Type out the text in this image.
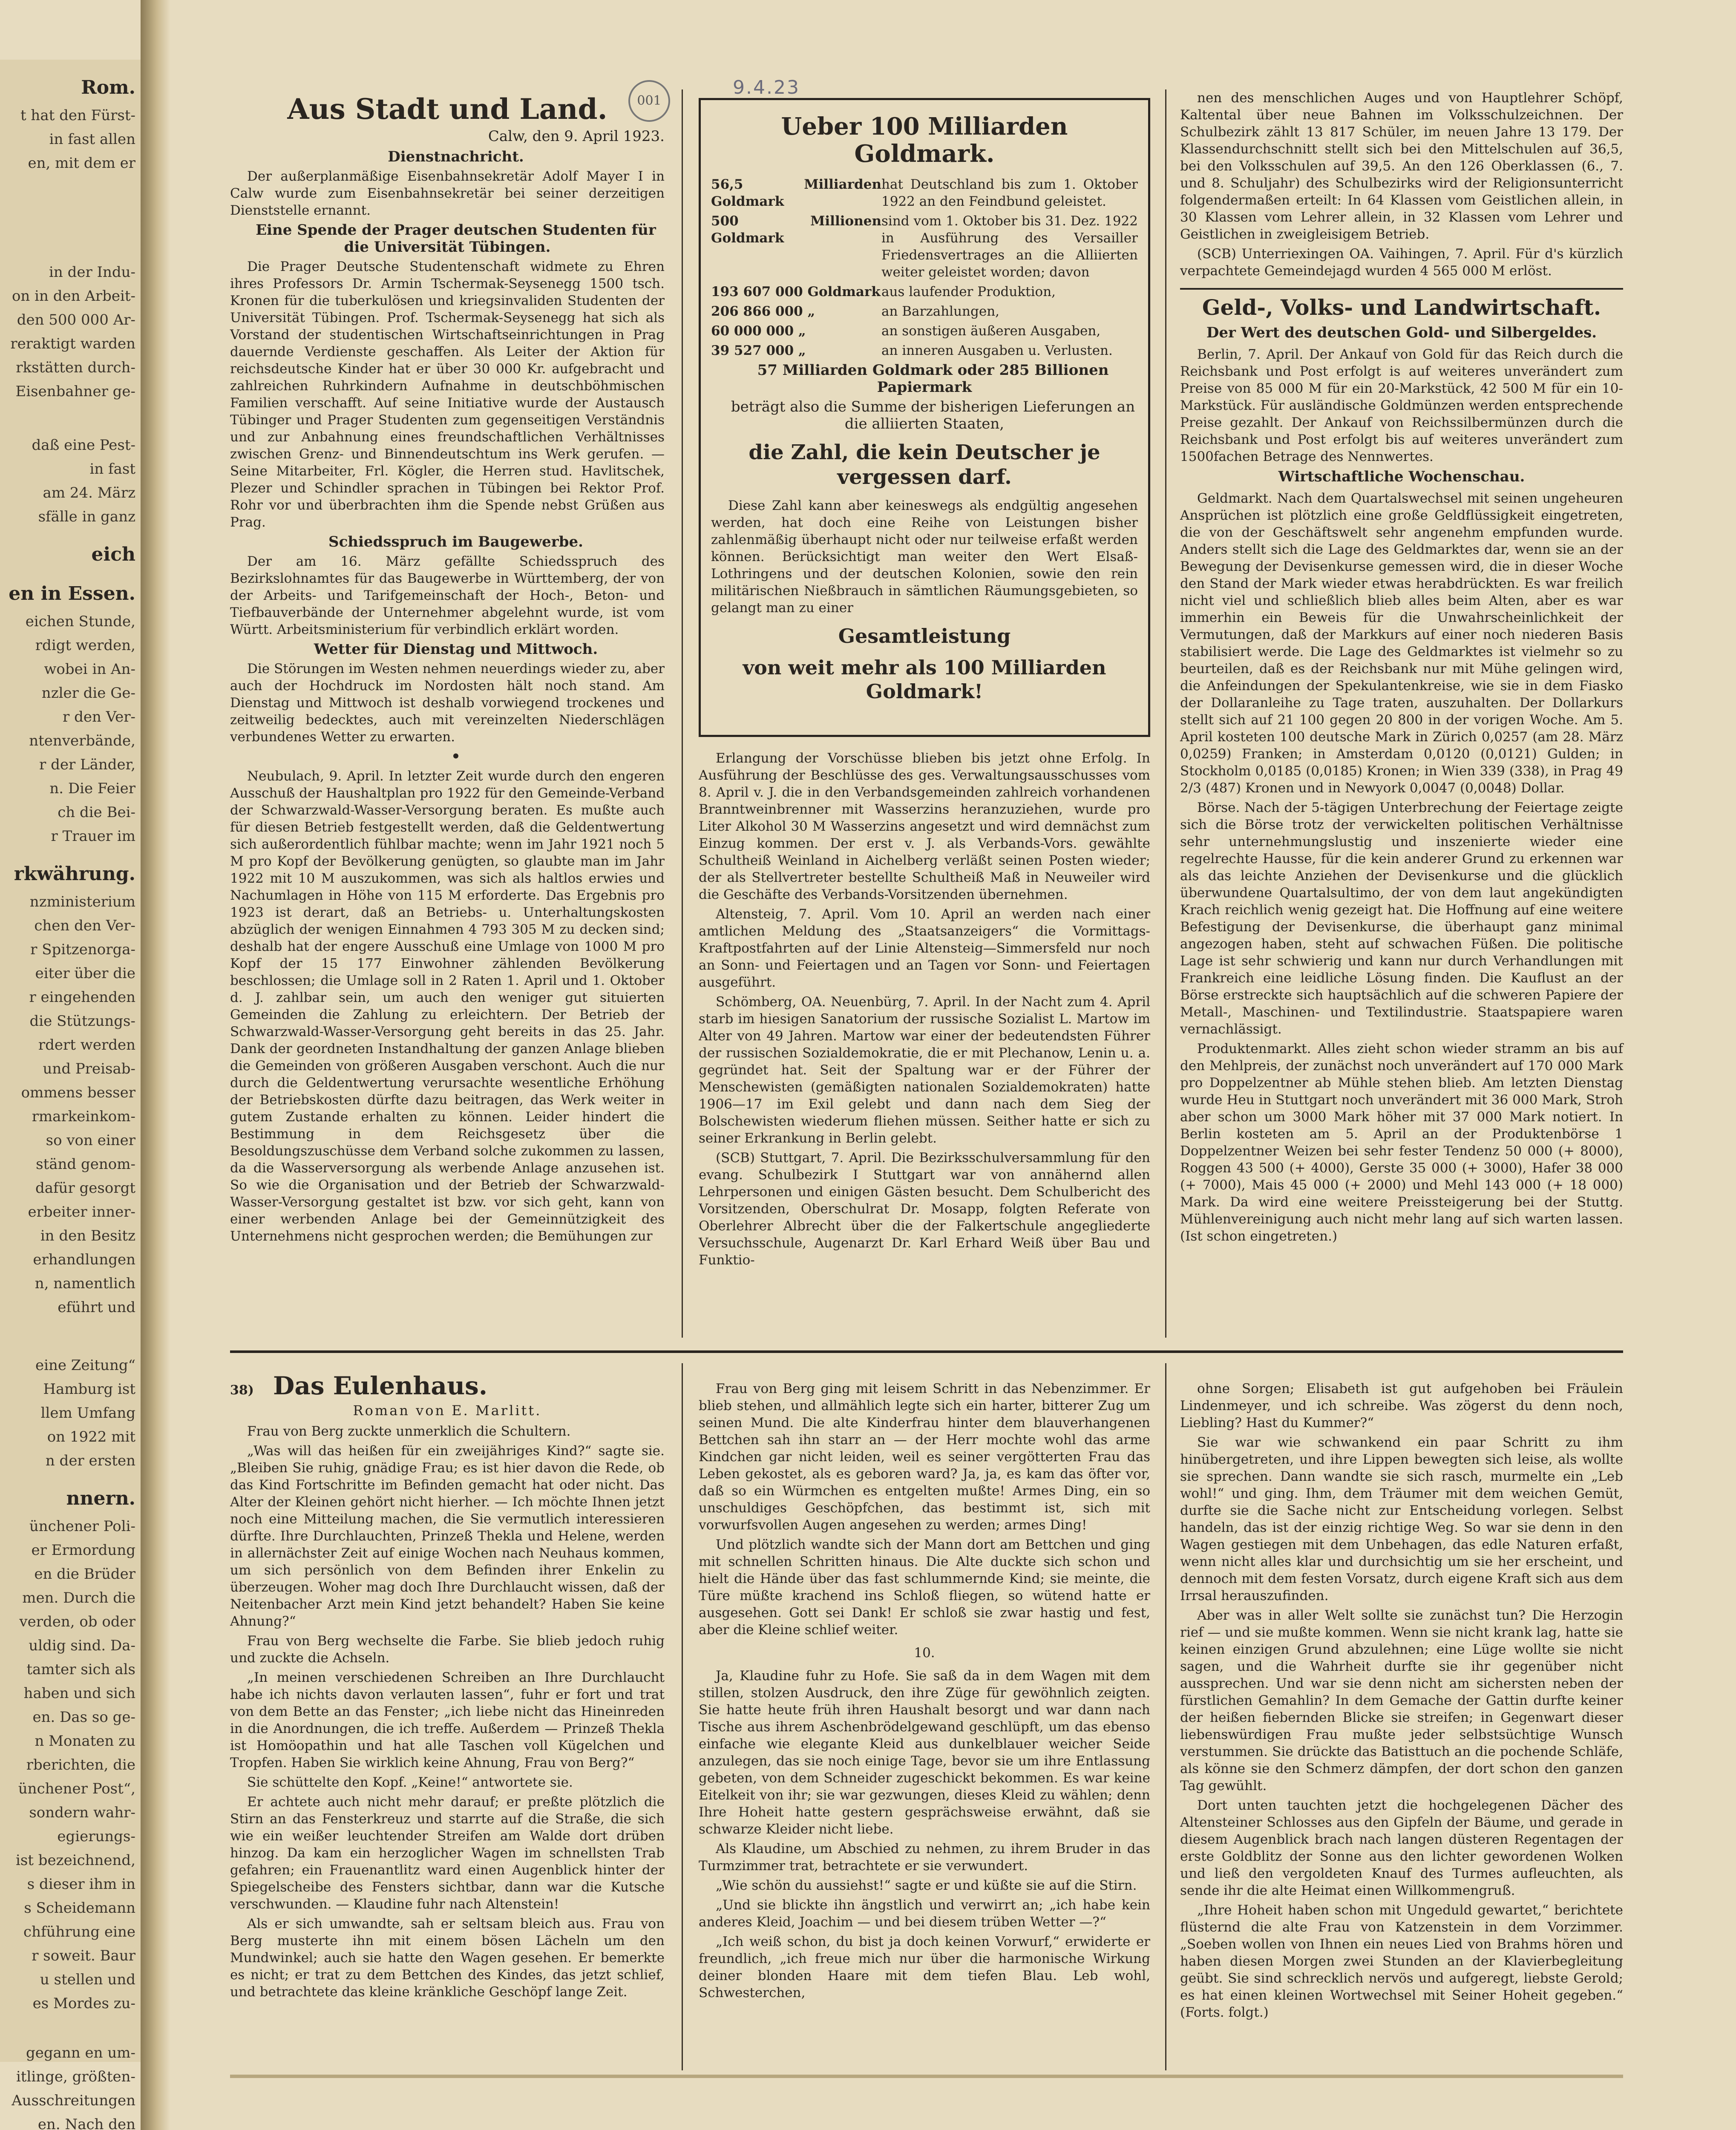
Rom.

t hat den Fürst-

in fast allen

en, mit dem er

in der Indu-

on in den Arbeit-

den 500 000 Ar-

reraktigt warden

rkstätten durch-

Eisenbahner ge-

daß eine Pest-

in fast

am 24. März

sfälle in ganz

eich
en in Essen.

eichen Stunde,

rdigt werden,

wobei in An-

nzler die Ge-

r den Ver-

ntenverbände,

r der Länder,

n. Die Feier

ch die Bei-

r Trauer im

rkwährung.

nzministerium

chen den Ver-

r Spitzenorga-

eiter über die

r eingehenden

die Stützungs-

rdert werden

und Preisab-

ommens besser

rmarkeinkom-

so von einer

ständ genom-

dafür gesorgt

erbeiter inner-

in den Besitz

erhandlungen

n, namentlich

eführt und

eine Zeitung“

Hamburg ist

llem Umfang

on 1922 mit

n der ersten

nnern.

ünchener Poli-

er Ermordung

en die Brüder

men. Durch die

verden, ob oder

uldig sind. Da-

tamter sich als

haben und sich

en. Das so ge-

n Monaten zu

rberichten, die

ünchener Post“,

sondern wahr-

egierungs-

ist bezeichnend,

s dieser ihm in

s Scheidemann

chführung eine

r soweit. Baur

u stellen und

es Mordes zu-

gegann en um-

itlinge, größten-

Ausschreitungen

en. Nach den

001
9.4.23
Aus Stadt und Land.
Calw, den 9. April 1923.

Dienstnachricht.

Der außerplanmäßige Eisenbahnsekretär Adolf Mayer I in Calw wurde zum Eisenbahnsekretär bei seiner derzeitigen Dienststelle ernannt.

Eine Spende der Prager deutschen Studenten für die Universität Tübingen.

Die Prager Deutsche Studentenschaft widmete zu Ehren ihres Professors Dr. Armin Tschermak-Seysenegg 1500 tsch. Kronen für die tuberkulösen und kriegsinvaliden Studenten der Universität Tübingen. Prof. Tschermak-Seysenegg hat sich als Vorstand der studentischen Wirtschaftseinrichtungen in Prag dauernde Verdienste geschaffen. Als Leiter der Aktion für reichsdeutsche Kinder hat er über 30 000 Kr. aufgebracht und zahlreichen Ruhrkindern Aufnahme in deutschböhmischen Familien verschafft. Auf seine Initiative wurde der Austausch Tübinger und Prager Studenten zum gegenseitigen Verständnis und zur Anbahnung eines freundschaftlichen Verhältnisses zwischen Grenz- und Binnendeutschtum ins Werk gerufen. — Seine Mitarbeiter, Frl. Kögler, die Herren stud. Havlitschek, Plezer und Schindler sprachen in Tübingen bei Rektor Prof. Rohr vor und überbrachten ihm die Spende nebst Grüßen aus Prag.

Schiedsspruch im Baugewerbe.

Der am 16. März gefällte Schiedsspruch des Bezirkslohnamtes für das Baugewerbe in Württemberg, der von der Arbeits- und Tarifgemeinschaft der Hoch-, Beton- und Tiefbauverbände der Unternehmer abgelehnt wurde, ist vom Württ. Arbeitsministerium für verbindlich erklärt worden.

Wetter für Dienstag und Mittwoch.

Die Störungen im Westen nehmen neuerdings wieder zu, aber auch der Hochdruck im Nordosten hält noch stand. Am Dienstag und Mittwoch ist deshalb vorwiegend trockenes und zeitweilig bedecktes, auch mit vereinzelten Niederschlägen verbundenes Wetter zu erwarten.

•

Neubulach, 9. April. In letzter Zeit wurde durch den engeren Ausschuß der Haushaltplan pro 1922 für den Gemeinde-Verband der Schwarzwald-Wasser-Versorgung beraten. Es mußte auch für diesen Betrieb festgestellt werden, daß die Geldentwertung sich außerordentlich fühlbar machte; wenn im Jahr 1921 noch 5 M pro Kopf der Bevölkerung genügten, so glaubte man im Jahr 1922 mit 10 M auszukommen, was sich als haltlos erwies und Nachumlagen in Höhe von 115 M erforderte. Das Ergebnis pro 1923 ist derart, daß an Betriebs- u. Unterhaltungskosten abzüglich der wenigen Einnahmen 4 793 305 M zu decken sind; deshalb hat der engere Ausschuß eine Umlage von 1000 M pro Kopf der 15 177 Einwohner zählenden Bevölkerung beschlossen; die Umlage soll in 2 Raten 1. April und 1. Oktober d. J. zahlbar sein, um auch den weniger gut situierten Gemeinden die Zahlung zu erleichtern. Der Betrieb der Schwarzwald-Wasser-Versorgung geht bereits in das 25. Jahr. Dank der geordneten Instandhaltung der ganzen Anlage blieben die Gemeinden von größeren Ausgaben verschont. Auch die nur durch die Geldentwertung verursachte wesentliche Erhöhung der Betriebskosten dürfte dazu beitragen, das Werk weiter in gutem Zustande erhalten zu können. Leider hindert die Bestimmung in dem Reichsgesetz über die Besoldungszuschüsse dem Verband solche zukommen zu lassen, da die Wasserversorgung als werbende Anlage anzusehen ist. So wie die Organisation und der Betrieb der Schwarzwald-Wasser-Versorgung gestaltet ist bzw. vor sich geht, kann von einer werbenden Anlage bei der Gemeinnützigkeit des Unternehmens nicht gesprochen werden; die Bemühungen zur

Ueber 100 Milliarden Goldmark.
56,5 Milliarden Goldmark
hat Deutschland bis zum 1. Oktober 1922 an den Feindbund geleistet.
500 Millionen Goldmark
sind vom 1. Oktober bis 31. Dez. 1922 in Ausführung des Versailler Friedensvertrages an die Alliierten weiter geleistet worden; davon
193 607 000 Goldmark aus laufender Produktion,
206 866 000 „	an Barzahlungen,
60 000 000 „	an sonstigen äußeren Ausgaben,
39 527 000 „	an inneren Ausgaben u. Verlusten.

57 Milliarden Goldmark oder 285 Billionen Papiermark

beträgt also die Summe der bisherigen Lieferungen an die alliierten Staaten,

die Zahl, die kein Deutscher je vergessen darf.

Diese Zahl kann aber keineswegs als endgültig angesehen werden, hat doch eine Reihe von Leistungen bisher zahlenmäßig überhaupt nicht oder nur teilweise erfaßt werden können. Berücksichtigt man weiter den Wert Elsaß-Lothringens und der deutschen Kolonien, sowie den rein militärischen Nießbrauch in sämtlichen Räumungsgebieten, so gelangt man zu einer

Gesamtleistung
von weit mehr als 100 Milliarden Goldmark!

Erlangung der Vorschüsse blieben bis jetzt ohne Erfolg. In Ausführung der Beschlüsse des ges. Verwaltungsausschusses vom 8. April v. J. die in den Verbandsgemeinden zahlreich vorhandenen Branntweinbrenner mit Wasserzins heranzuziehen, wurde pro Liter Alkohol 30 M Wasserzins angesetzt und wird demnächst zum Einzug kommen. Der erst v. J. als Verbands-Vors. gewählte Schultheiß Weinland in Aichelberg verläßt seinen Posten wieder; der als Stellvertreter bestellte Schultheiß Maß in Neuweiler wird die Geschäfte des Verbands-Vorsitzenden übernehmen.

Altensteig, 7. April. Vom 10. April an werden nach einer amtlichen Meldung des „Staatsanzeigers“ die Vormittags-Kraftpostfahrten auf der Linie Altensteig—Simmersfeld nur noch an Sonn- und Feiertagen und an Tagen vor Sonn- und Feiertagen ausgeführt.

Schömberg, OA. Neuenbürg, 7. April. In der Nacht zum 4. April starb im hiesigen Sanatorium der russische Sozialist L. Martow im Alter von 49 Jahren. Martow war einer der bedeutendsten Führer der russischen Sozialdemokratie, die er mit Plechanow, Lenin u. a. gegründet hat. Seit der Spaltung war er der Führer der Menschewisten (gemäßigten nationalen Sozialdemokraten) hatte 1906—17 im Exil gelebt und dann nach dem Sieg der Bolschewisten wiederum fliehen müssen. Seither hatte er sich zu seiner Erkrankung in Berlin gelebt.

(SCB) Stuttgart, 7. April. Die Bezirksschulversammlung für den evang. Schulbezirk I Stuttgart war von annähernd allen Lehrpersonen und einigen Gästen besucht. Dem Schulbericht des Vorsitzenden, Oberschulrat Dr. Mosapp, folgten Referate von Oberlehrer Albrecht über die der Falkertschule angegliederte Versuchsschule, Augenarzt Dr. Karl Erhard Weiß über Bau und Funktio-

nen des menschlichen Auges und von Hauptlehrer Schöpf, Kaltental über neue Bahnen im Volksschulzeichnen. Der Schulbezirk zählt 13 817 Schüler, im neuen Jahre 13 179. Der Klassendurchschnitt stellt sich bei den Mittelschulen auf 36,5, bei den Volksschulen auf 39,5. An den 126 Oberklassen (6., 7. und 8. Schuljahr) des Schulbezirks wird der Religionsunterricht folgendermaßen erteilt: In 64 Klassen vom Geistlichen allein, in 30 Klassen vom Lehrer allein, in 32 Klassen vom Lehrer und Geistlichen in zweigleisigem Betrieb.

(SCB) Unterriexingen OA. Vaihingen, 7. April. Für d's kürzlich verpachtete Gemeindejagd wurden 4 565 000 M erlöst.

Geld-, Volks- und Landwirtschaft.
Der Wert des deutschen Gold- und Silbergeldes.

Berlin, 7. April. Der Ankauf von Gold für das Reich durch die Reichsbank und Post erfolgt is auf weiteres unverändert zum Preise von 85 000 M für ein 20-Markstück, 42 500 M für ein 10-Markstück. Für ausländische Goldmünzen werden entsprechende Preise gezahlt. Der Ankauf von Reichssilbermünzen durch die Reichsbank und Post erfolgt bis auf weiteres unverändert zum 1500fachen Betrage des Nennwertes.

Wirtschaftliche Wochenschau.

Geldmarkt. Nach dem Quartalswechsel mit seinen ungeheuren Ansprüchen ist plötzlich eine große Geldflüssigkeit eingetreten, die von der Geschäftswelt sehr angenehm empfunden wurde. Anders stellt sich die Lage des Geldmarktes dar, wenn sie an der Bewegung der Devisenkurse gemessen wird, die in dieser Woche den Stand der Mark wieder etwas herabdrückten. Es war freilich nicht viel und schließlich blieb alles beim Alten, aber es war immerhin ein Beweis für die Unwahrscheinlichkeit der Vermutungen, daß der Markkurs auf einer noch niederen Basis stabilisiert werde. Die Lage des Geldmarktes ist vielmehr so zu beurteilen, daß es der Reichsbank nur mit Mühe gelingen wird, die Anfeindungen der Spekulantenkreise, wie sie in dem Fiasko der Dollaranleihe zu Tage traten, auszuhalten. Der Dollarkurs stellt sich auf 21 100 gegen 20 800 in der vorigen Woche. Am 5. April kosteten 100 deutsche Mark in Zürich 0,0257 (am 28. März 0,0259) Franken; in Amsterdam 0,0120 (0,0121) Gulden; in Stockholm 0,0185 (0,0185) Kronen; in Wien 339 (338), in Prag 49 2/3 (487) Kronen und in Newyork 0,0047 (0,0048) Dollar.

Börse. Nach der 5-tägigen Unterbrechung der Feiertage zeigte sich die Börse trotz der verwickelten politischen Verhältnisse sehr unternehmungslustig und inszenierte wieder eine regelrechte Hausse, für die kein anderer Grund zu erkennen war als das leichte Anziehen der Devisenkurse und die glücklich überwundene Quartalsultimo, der von dem laut angekündigten Krach reichlich wenig gezeigt hat. Die Hoffnung auf eine weitere Befestigung der Devisenkurse, die überhaupt ganz minimal angezogen haben, steht auf schwachen Füßen. Die politische Lage ist sehr schwierig und kann nur durch Verhandlungen mit Frankreich eine leidliche Lösung finden. Die Kauflust an der Börse erstreckte sich hauptsächlich auf die schweren Papiere der Metall-, Maschinen- und Textilindustrie. Staatspapiere waren vernachlässigt.

Produktenmarkt. Alles zieht schon wieder stramm an bis auf den Mehlpreis, der zunächst noch unverändert auf 170 000 Mark pro Doppelzentner ab Mühle stehen blieb. Am letzten Dienstag wurde Heu in Stuttgart noch unverändert mit 36 000 Mark, Stroh aber schon um 3000 Mark höher mit 37 000 Mark notiert. In Berlin kosteten am 5. April an der Produktenbörse 1 Doppelzentner Weizen bei sehr fester Tendenz 50 000 (+ 8000), Roggen 43 500 (+ 4000), Gerste 35 000 (+ 3000), Hafer 38 000 (+ 7000), Mais 45 000 (+ 2000) und Mehl 143 000 (+ 18 000) Mark. Da wird eine weitere Preissteigerung bei der Stuttg. Mühlenvereinigung auch nicht mehr lang auf sich warten lassen. (Ist schon eingetreten.)

38) Das Eulenhaus.
Roman von E. Marlitt.

Frau von Berg zuckte unmerklich die Schultern.

„Was will das heißen für ein zweijähriges Kind?“ sagte sie. „Bleiben Sie ruhig, gnädige Frau; es ist hier davon die Rede, ob das Kind Fortschritte im Befinden gemacht hat oder nicht. Das Alter der Kleinen gehört nicht hierher. — Ich möchte Ihnen jetzt noch eine Mitteilung machen, die Sie vermutlich interessieren dürfte. Ihre Durchlauchten, Prinzeß Thekla und Helene, werden in allernächster Zeit auf einige Wochen nach Neuhaus kommen, um sich persönlich von dem Befinden ihrer Enkelin zu überzeugen. Woher mag doch Ihre Durchlaucht wissen, daß der Neitenbacher Arzt mein Kind jetzt behandelt? Haben Sie keine Ahnung?“

Frau von Berg wechselte die Farbe. Sie blieb jedoch ruhig und zuckte die Achseln.

„In meinen verschiedenen Schreiben an Ihre Durchlaucht habe ich nichts davon verlauten lassen“, fuhr er fort und trat von dem Bette an das Fenster; „ich liebe nicht das Hineinreden in die Anordnungen, die ich treffe. Außerdem — Prinzeß Thekla ist Homöopathin und hat alle Taschen voll Kügelchen und Tropfen. Haben Sie wirklich keine Ahnung, Frau von Berg?“

Sie schüttelte den Kopf. „Keine!“ antwortete sie.

Er achtete auch nicht mehr darauf; er preßte plötzlich die Stirn an das Fensterkreuz und starrte auf die Straße, die sich wie ein weißer leuchtender Streifen am Walde dort drüben hinzog. Da kam ein herzoglicher Wagen im schnellsten Trab gefahren; ein Frauenantlitz ward einen Augenblick hinter der Spiegelscheibe des Fensters sichtbar, dann war die Kutsche verschwunden. — Klaudine fuhr nach Altenstein!

Als er sich umwandte, sah er seltsam bleich aus. Frau von Berg musterte ihn mit einem bösen Lächeln um den Mundwinkel; auch sie hatte den Wagen gesehen. Er bemerkte es nicht; er trat zu dem Bettchen des Kindes, das jetzt schlief, und betrachtete das kleine kränkliche Geschöpf lange Zeit.

Frau von Berg ging mit leisem Schritt in das Nebenzimmer. Er blieb stehen, und allmählich legte sich ein harter, bitterer Zug um seinen Mund. Die alte Kinderfrau hinter dem blauverhangenen Bettchen sah ihn starr an — der Herr mochte wohl das arme Kindchen gar nicht leiden, weil es seiner vergötterten Frau das Leben gekostet, als es geboren ward? Ja, ja, es kam das öfter vor, daß so ein Würmchen es entgelten mußte! Armes Ding, ein so unschuldiges Geschöpfchen, das bestimmt ist, sich mit vorwurfsvollen Augen angesehen zu werden; armes Ding!

Und plötzlich wandte sich der Mann dort am Bettchen und ging mit schnellen Schritten hinaus. Die Alte duckte sich schon und hielt die Hände über das fast schlummernde Kind; sie meinte, die Türe müßte krachend ins Schloß fliegen, so wütend hatte er ausgesehen. Gott sei Dank! Er schloß sie zwar hastig und fest, aber die Kleine schlief weiter.

10.

Ja, Klaudine fuhr zu Hofe. Sie saß da in dem Wagen mit dem stillen, stolzen Ausdruck, den ihre Züge für gewöhnlich zeigten. Sie hatte heute früh ihren Haushalt besorgt und war dann nach Tische aus ihrem Aschenbrödelgewand geschlüpft, um das ebenso einfache wie elegante Kleid aus dunkelblauer weicher Seide anzulegen, das sie noch einige Tage, bevor sie um ihre Entlassung gebeten, von dem Schneider zugeschickt bekommen. Es war keine Eitelkeit von ihr; sie war gezwungen, dieses Kleid zu wählen; denn Ihre Hoheit hatte gestern gesprächsweise erwähnt, daß sie schwarze Kleider nicht liebe.

Als Klaudine, um Abschied zu nehmen, zu ihrem Bruder in das Turmzimmer trat, betrachtete er sie verwundert.

„Wie schön du aussiehst!“ sagte er und küßte sie auf die Stirn.

„Und sie blickte ihn ängstlich und verwirrt an; „ich habe kein anderes Kleid, Joachim — und bei diesem trüben Wetter —?“

„Ich weiß schon, du bist ja doch keinen Vorwurf,“ erwiderte er freundlich, „ich freue mich nur über die harmonische Wirkung deiner blonden Haare mit dem tiefen Blau. Leb wohl, Schwesterchen,

ohne Sorgen; Elisabeth ist gut aufgehoben bei Fräulein Lindenmeyer, und ich schreibe. Was zögerst du denn noch, Liebling? Hast du Kummer?“

Sie war wie schwankend ein paar Schritt zu ihm hinübergetreten, und ihre Lippen bewegten sich leise, als wollte sie sprechen. Dann wandte sie sich rasch, murmelte ein „Leb wohl!“ und ging. Ihm, dem Träumer mit dem weichen Gemüt, durfte sie die Sache nicht zur Entscheidung vorlegen. Selbst handeln, das ist der einzig richtige Weg. So war sie denn in den Wagen gestiegen mit dem Unbehagen, das edle Naturen erfaßt, wenn nicht alles klar und durchsichtig um sie her erscheint, und dennoch mit dem festen Vorsatz, durch eigene Kraft sich aus dem Irrsal herauszufinden.

Aber was in aller Welt sollte sie zunächst tun? Die Herzogin rief — und sie mußte kommen. Wenn sie nicht krank lag, hatte sie keinen einzigen Grund abzulehnen; eine Lüge wollte sie nicht sagen, und die Wahrheit durfte sie ihr gegenüber nicht aussprechen. Und war sie denn nicht am sichersten neben der fürstlichen Gemahlin? In dem Gemache der Gattin durfte keiner der heißen fiebernden Blicke sie streifen; in Gegenwart dieser liebenswürdigen Frau mußte jeder selbstsüchtige Wunsch verstummen. Sie drückte das Batisttuch an die pochende Schläfe, als könne sie den Schmerz dämpfen, der dort schon den ganzen Tag gewühlt.

Dort unten tauchten jetzt die hochgelegenen Dächer des Altensteiner Schlosses aus den Gipfeln der Bäume, und gerade in diesem Augenblick brach nach langen düsteren Regentagen der erste Goldblitz der Sonne aus den lichter gewordenen Wolken und ließ den vergoldeten Knauf des Turmes aufleuchten, als sende ihr die alte Heimat einen Willkommengruß.

„Ihre Hoheit haben schon mit Ungeduld gewartet,“ berichtete flüsternd die alte Frau von Katzenstein in dem Vorzimmer. „Soeben wollen von Ihnen ein neues Lied von Brahms hören und haben diesen Morgen zwei Stunden an der Klavierbegleitung geübt. Sie sind schrecklich nervös und aufgeregt, liebste Gerold; es hat einen kleinen Wortwechsel mit Seiner Hoheit gegeben.“ (Forts. folgt.)
